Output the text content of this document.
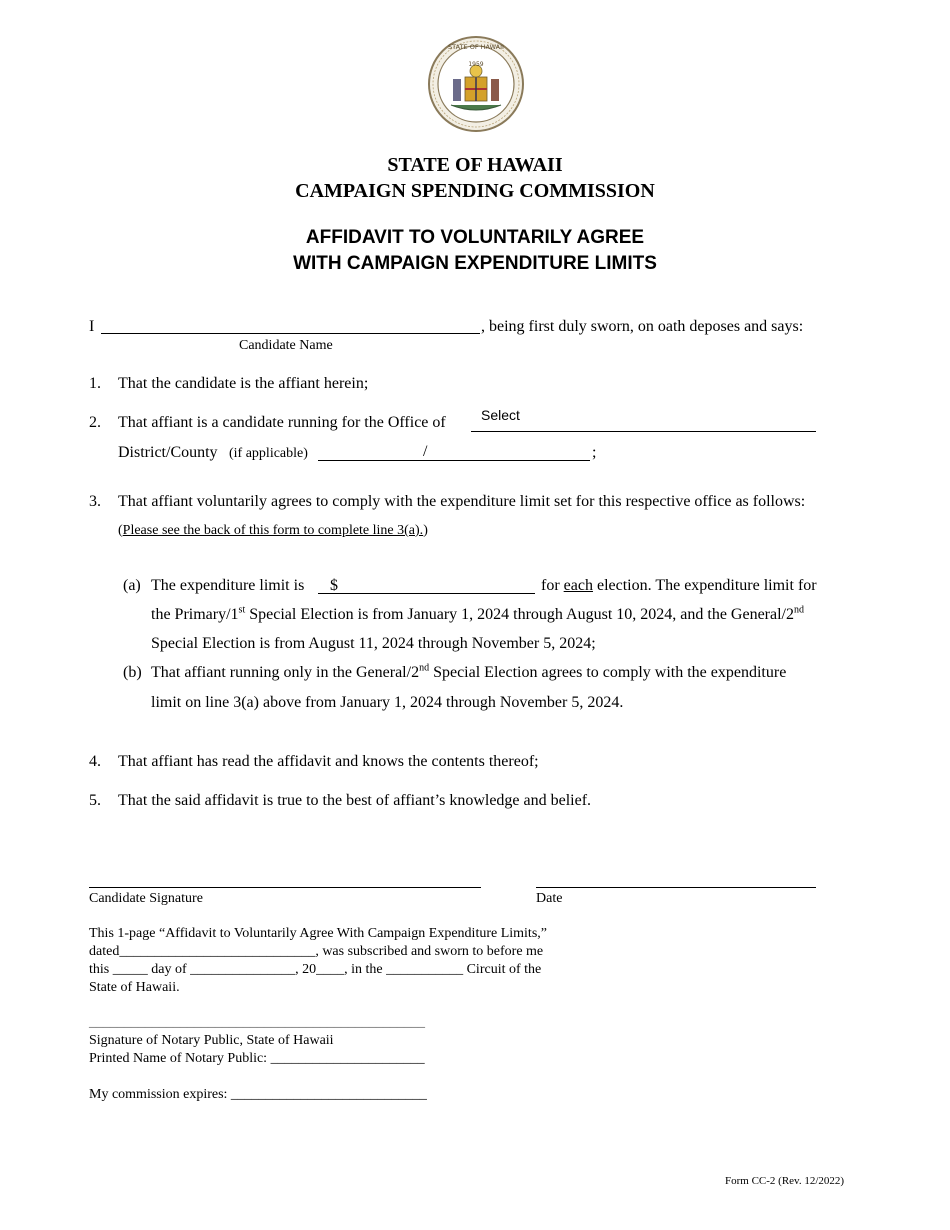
1959
STATE OF HAWAII
STATE OF HAWAII
CAMPAIGN SPENDING COMMISSION
AFFIDAVIT TO VOLUNTARILY AGREE
WITH CAMPAIGN EXPENDITURE LIMITS
I	, being first duly sworn, on oath deposes and says:
Candidate Name
1. That the candidate is the affiant herein;
2. That affiant is a candidate running for the Office of	Select
District/County (if applicable)	/	;
3. That affiant voluntarily agrees to comply with the expenditure limit set for this respective office as follows:
(Please see the back of this form to complete line 3(a).)
(a) The expenditure limit is $	for each election. The expenditure limit for
the Primary/1st Special Election is from January 1, 2024 through August 10, 2024, and the General/2nd
Special Election is from August 11, 2024 through November 5, 2024;
(b) That affiant running only in the General/2nd Special Election agrees to comply with the expenditure
limit on line 3(a) above from January 1, 2024 through November 5, 2024.
4. That affiant has read the affidavit and knows the contents thereof;
5. That the said affidavit is true to the best of affiant’s knowledge and belief.
Candidate Signature	Date
This 1-page “Affidavit to Voluntarily Agree With Campaign Expenditure Limits,”
dated____________________________, was subscribed and sworn to before me
this _____ day of _______________, 20____, in the ___________ Circuit of the
State of Hawaii.
________________________________________________
Signature of Notary Public, State of Hawaii
Printed Name of Notary Public: ______________________
My commission expires: ____________________________
Form CC-2 (Rev. 12/2022)
